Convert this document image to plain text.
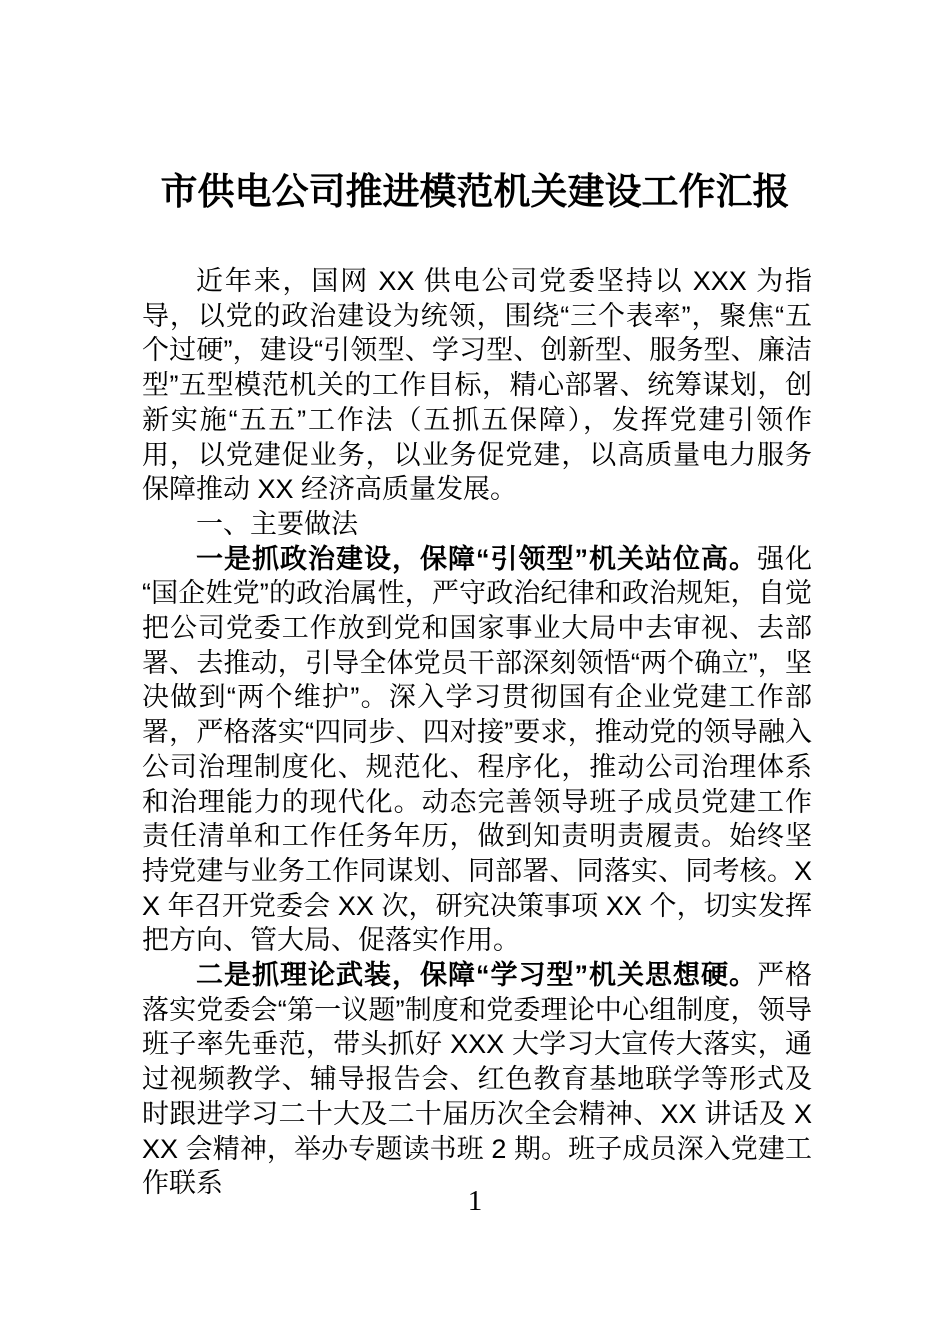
市供电公司推进模范机关建设工作汇报

近年来，国网 XX 供电公司党委坚持以 XXX 为指导，以党的政治建设为统领，围绕“三个表率”，聚焦“五个过硬”，建设“引领型、学习型、创新型、服务型、廉洁型”五型模范机关的工作目标，精心部署、统筹谋划，创新实施“五五”工作法（五抓五保障），发挥党建引领作用，以党建促业务，以业务促党建，以高质量电力服务保障推动 XX 经济高质量发展。

一、主要做法

一是抓政治建设，保障“引领型”机关站位高。强化“国企姓党”的政治属性，严守政治纪律和政治规矩，自觉把公司党委工作放到党和国家事业大局中去审视、去部署、去推动，引导全体党员干部深刻领悟“两个确立”，坚决做到“两个维护”。深入学习贯彻国有企业党建工作部署，严格落实“四同步、四对接”要求，推动党的领导融入公司治理制度化、规范化、程序化，推动公司治理体系和治理能力的现代化。动态完善领导班子成员党建工作责任清单和工作任务年历，做到知责明责履责。始终坚持党建与业务工作同谋划、同部署、同落实、同考核。XX 年召开党委会 XX 次，研究决策事项 XX 个，切实发挥把方向、管大局、促落实作用。

二是抓理论武装，保障“学习型”机关思想硬。严格落实党委会“第一议题”制度和党委理论中心组制度，领导班子率先垂范，带头抓好 XXX 大学习大宣传大落实，通过视频教学、辅导报告会、红色教育基地联学等形式及时跟进学习二十大及二十届历次全会精神、XX 讲话及 XXX 会精神，举办专题读书班 2 期。班子成员深入党建工作联系

1
